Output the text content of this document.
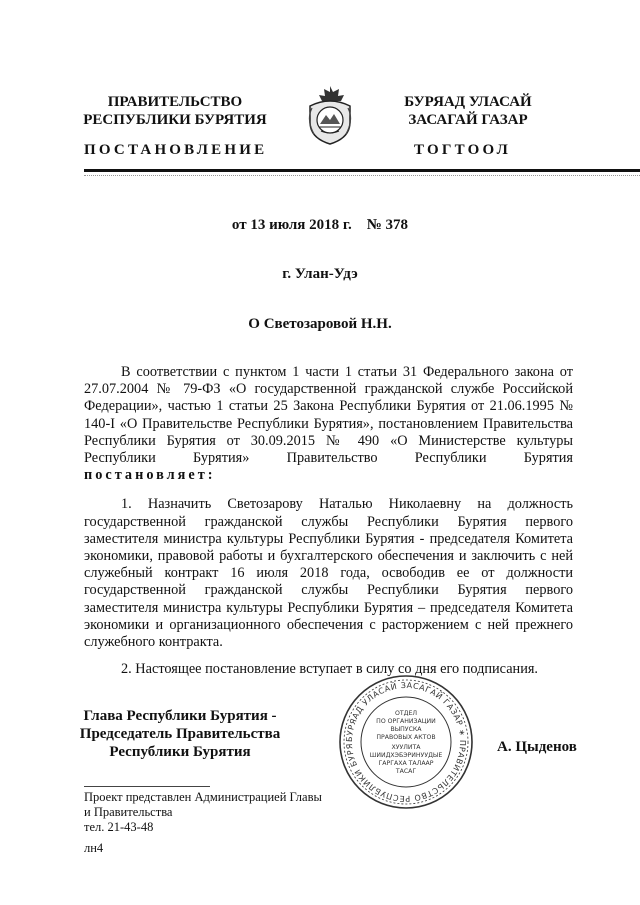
ПРАВИТЕЛЬСТВО
РЕСПУБЛИКИ БУРЯТИЯ
БУРЯАД УЛАСАЙ
ЗАСАГАЙ ГАЗАР
ПОСТАНОВЛЕНИЕ	ТОГТООЛ
от 13 июля 2018 г.    № 378
г. Улан-Удэ
О Светозаровой Н.Н.

В соответствии с пунктом 1 части 1 статьи 31 Федерального закона от 27.07.2004 № 79-ФЗ «О государственной гражданской службе Российской Федерации», частью 1 статьи 25 Закона Республики Бурятия от 21.06.1995 № 140-I «О Правительстве Республики Бурятия», постановлением Правительства Республики Бурятия от 30.09.2015 № 490 «О Министерстве культуры Республики Бурятия» Правительство Республики Бурятия постановляет:

1. Назначить Светозарову Наталью Николаевну на должность государственной гражданской службы Республики Бурятия первого заместителя министра культуры Республики Бурятия - председателя Комитета экономики, правовой работы и бухгалтерского обеспечения и заключить с ней служебный контракт 16 июля 2018 года, освободив ее от должности государственной гражданской службы Республики Бурятия первого заместителя министра культуры Республики Бурятия – председателя Комитета экономики и организационного обеспечения с расторжением с ней прежнего служебного контракта.

2. Настоящее постановление вступает в силу со дня его подписания.

Глава Республики Бурятия -
Председатель Правительства
Республики Бурятия
БУРЯАД УЛАСАЙ ЗАСАГАЙ ГАЗАР ∗ ПРАВИТЕЛЬСТВО РЕСПУБЛИКИ БУРЯ
ОТДЕЛ
ПО ОРГАНИЗАЦИИ
ВЫПУСКА
ПРАВОВЫХ АКТОВ
ХУУЛИТА
ШИИДХЭБЭРИНУУДЫЕ
ГАРГАХА ТАЛААР
ТАСАГ
А. Цыденов
Проект представлен Администрацией Главы
и Правительства
тел. 21-43-48
лн4
